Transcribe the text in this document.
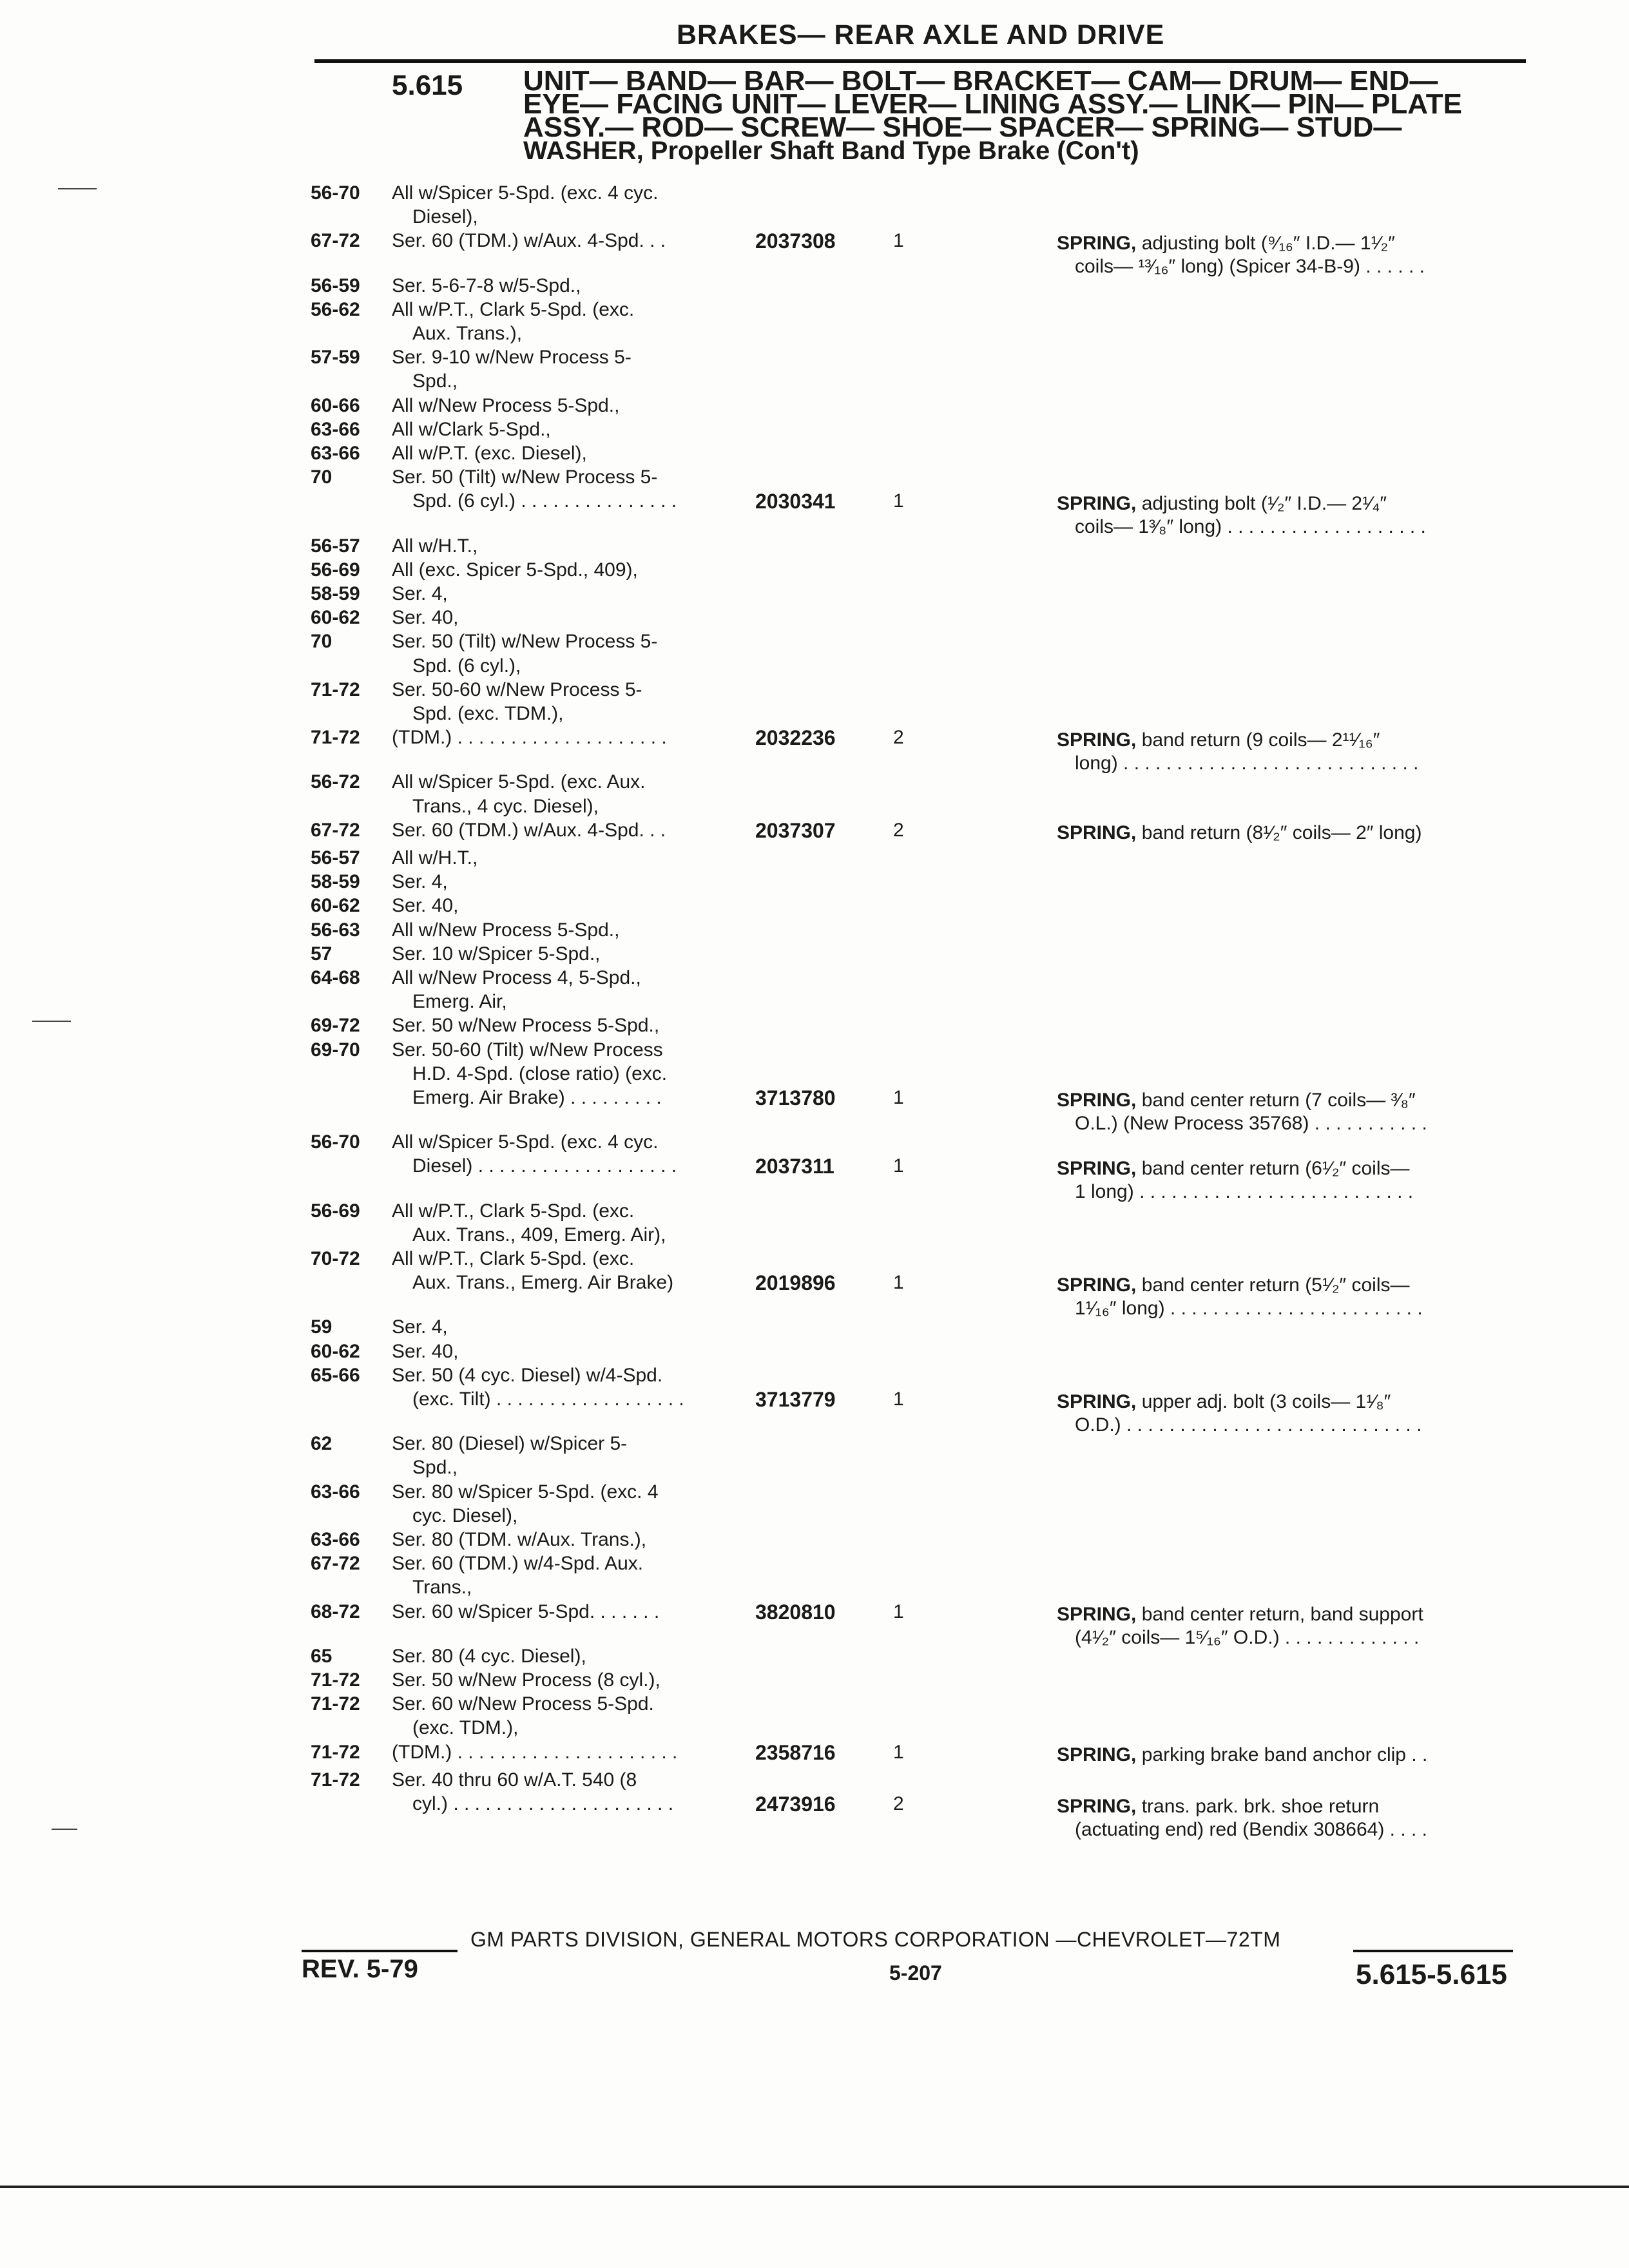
BRAKES— REAR AXLE AND DRIVE
5.615 UNIT— BAND— BAR— BOLT— BRACKET— CAM— DRUM— END—
EYE— FACING UNIT— LEVER— LINING ASSY.— LINK— PIN— PLATE
ASSY.— ROD— SCREW— SHOE— SPACER— SPRING— STUD—
WASHER, Propeller Shaft Band Type Brake (Con't)
56-70 All w/Spicer 5-Spd. (exc. 4 cyc.
Diesel),
67-72 Ser. 60 (TDM.) w/Aux. 4-Spd. . .	2037308	1	SPRING, adjusting bolt (⁹⁄₁₆″ I.D.— 1¹⁄₂″
coils— ¹³⁄₁₆″ long) (Spicer 34-B-9) . . . . . .
56-59 Ser. 5-6-7-8 w/5-Spd.,
56-62 All w/P.T., Clark 5-Spd. (exc.
Aux. Trans.),
57-59 Ser. 9-10 w/New Process 5-
Spd.,
60-66 All w/New Process 5-Spd.,
63-66 All w/Clark 5-Spd.,
63-66 All w/P.T. (exc. Diesel),
70	Ser. 50 (Tilt) w/New Process 5-
Spd. (6 cyl.) . . . . . . . . . . . . . . .	2030341	1	SPRING, adjusting bolt (¹⁄₂″ I.D.— 2¹⁄₄″
coils— 1³⁄₈″ long) . . . . . . . . . . . . . . . . . . .
56-57 All w/H.T.,
56-69 All (exc. Spicer 5-Spd., 409),
58-59 Ser. 4,
60-62 Ser. 40,
70	Ser. 50 (Tilt) w/New Process 5-
Spd. (6 cyl.),
71-72 Ser. 50-60 w/New Process 5-
Spd. (exc. TDM.),
71-72 (TDM.) . . . . . . . . . . . . . . . . . . . .	2032236	2	SPRING, band return (9 coils— 2¹¹⁄₁₆″
long) . . . . . . . . . . . . . . . . . . . . . . . . . . . .
56-72 All w/Spicer 5-Spd. (exc. Aux.
Trans., 4 cyc. Diesel),
67-72 Ser. 60 (TDM.) w/Aux. 4-Spd. . .	2037307	2	SPRING, band return (8¹⁄₂″ coils— 2″ long)
56-57 All w/H.T.,
58-59 Ser. 4,
60-62 Ser. 40,
56-63 All w/New Process 5-Spd.,
57	Ser. 10 w/Spicer 5-Spd.,
64-68 All w/New Process 4, 5-Spd.,
Emerg. Air,
69-72 Ser. 50 w/New Process 5-Spd.,
69-70 Ser. 50-60 (Tilt) w/New Process
H.D. 4-Spd. (close ratio) (exc.
Emerg. Air Brake) . . . . . . . . .	3713780	1	SPRING, band center return (7 coils— ³⁄₈″
O.L.) (New Process 35768) . . . . . . . . . . .
56-70 All w/Spicer 5-Spd. (exc. 4 cyc.
Diesel) . . . . . . . . . . . . . . . . . . .	2037311	1	SPRING, band center return (6¹⁄₂″ coils—
1 long) . . . . . . . . . . . . . . . . . . . . . . . . . .
56-69 All w/P.T., Clark 5-Spd. (exc.
Aux. Trans., 409, Emerg. Air),
70-72 All w/P.T., Clark 5-Spd. (exc.
Aux. Trans., Emerg. Air Brake)	2019896	1	SPRING, band center return (5¹⁄₂″ coils—
1¹⁄₁₆″ long) . . . . . . . . . . . . . . . . . . . . . . . .
59	Ser. 4,
60-62 Ser. 40,
65-66 Ser. 50 (4 cyc. Diesel) w/4-Spd.
(exc. Tilt) . . . . . . . . . . . . . . . . . .	3713779	1	SPRING, upper adj. bolt (3 coils— 1¹⁄₈″
O.D.) . . . . . . . . . . . . . . . . . . . . . . . . . . . .
62	Ser. 80 (Diesel) w/Spicer 5-
Spd.,
63-66 Ser. 80 w/Spicer 5-Spd. (exc. 4
cyc. Diesel),
63-66 Ser. 80 (TDM. w/Aux. Trans.),
67-72 Ser. 60 (TDM.) w/4-Spd. Aux.
Trans.,
68-72 Ser. 60 w/Spicer 5-Spd. . . . . . .	3820810	1	SPRING, band center return, band support
(4¹⁄₂″ coils— 1⁵⁄₁₆″ O.D.) . . . . . . . . . . . . .
65	Ser. 80 (4 cyc. Diesel),
71-72 Ser. 50 w/New Process (8 cyl.),
71-72 Ser. 60 w/New Process 5-Spd.
(exc. TDM.),
71-72 (TDM.) . . . . . . . . . . . . . . . . . . . . .	2358716	1	SPRING, parking brake band anchor clip . .
71-72 Ser. 40 thru 60 w/A.T. 540 (8
cyl.) . . . . . . . . . . . . . . . . . . . . .	2473916	2	SPRING, trans. park. brk. shoe return
(actuating end) red (Bendix 308664) . . . .
GM PARTS DIVISION, GENERAL MOTORS CORPORATION —CHEVROLET—72TM
REV. 5-79	5-207	5.615-5.615
